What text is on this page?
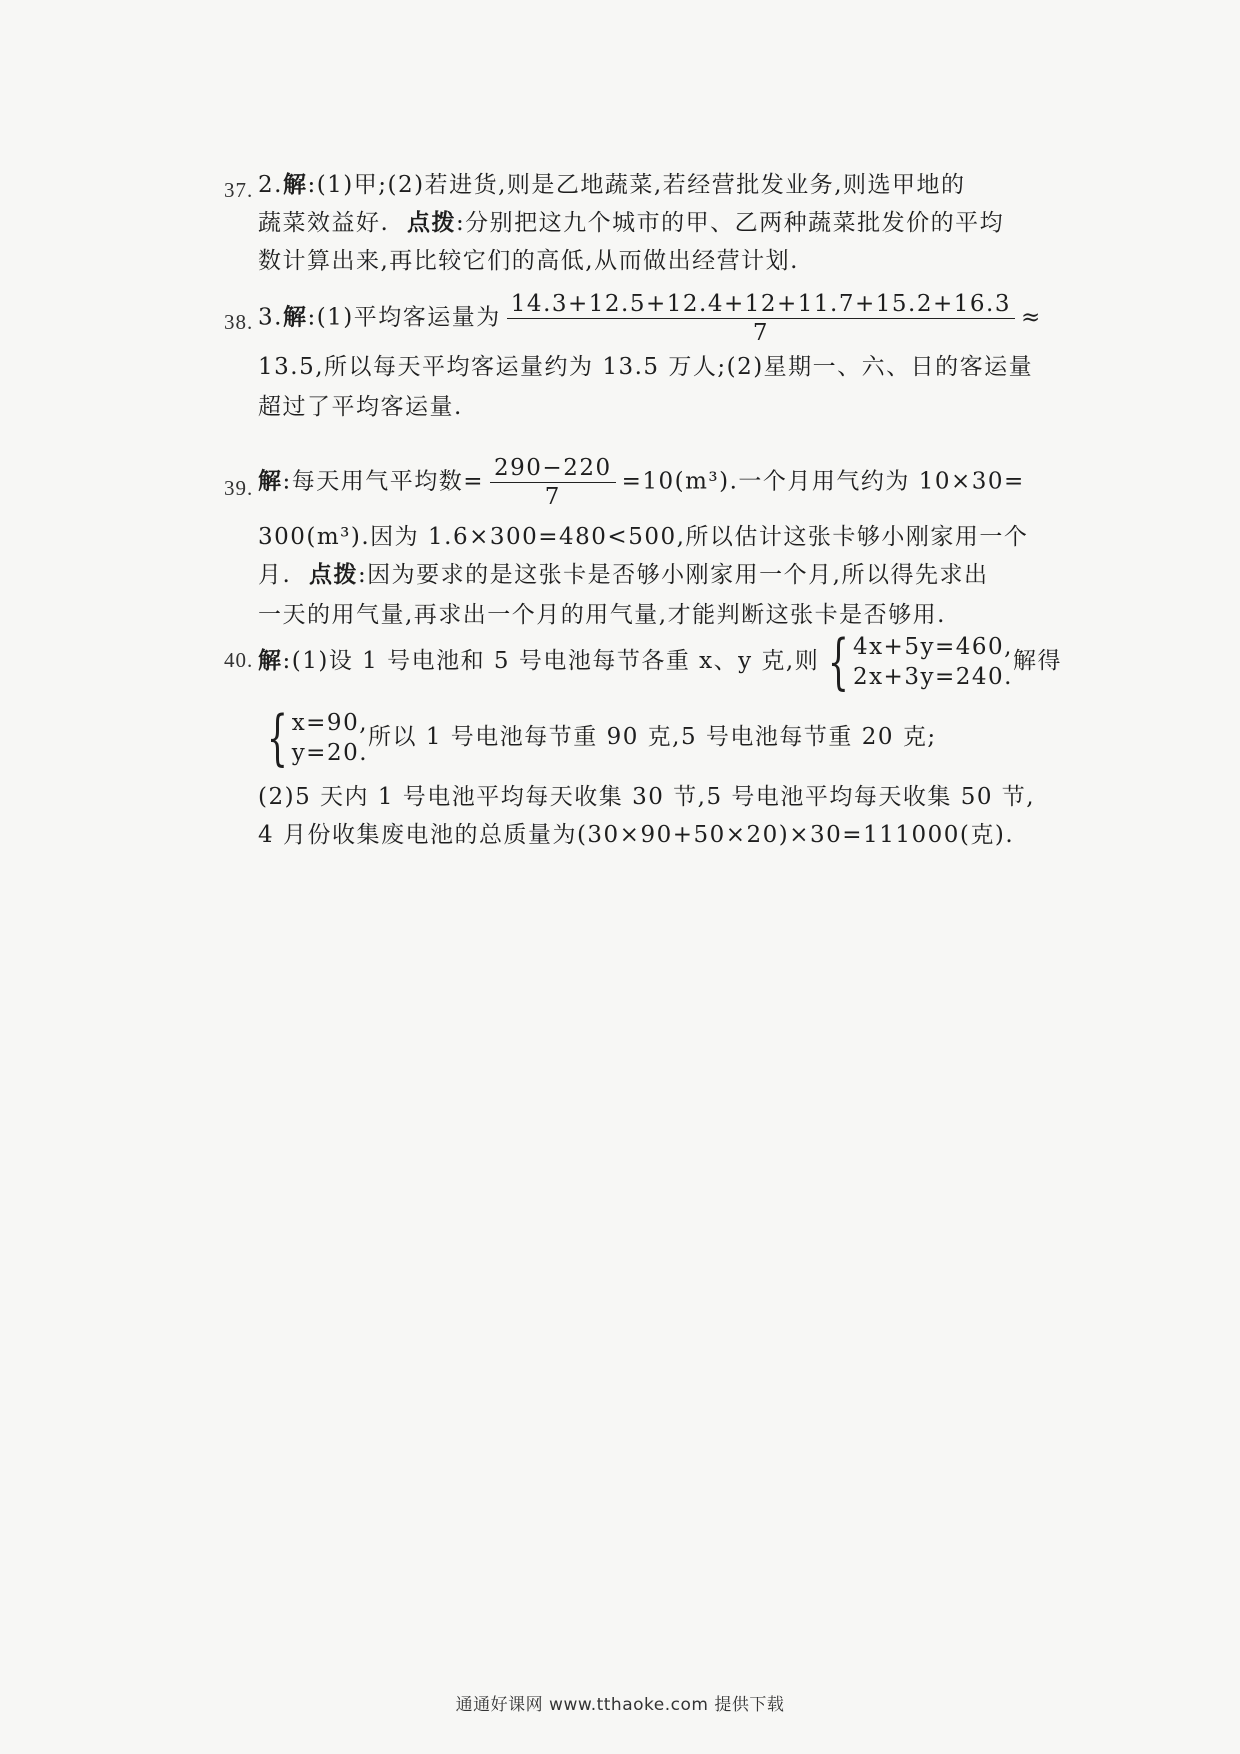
37. 2.解:(1)甲;(2)若进货,则是乙地蔬菜,若经营批发业务,则选甲地的
蔬菜效益好. 点拨:分别把这九个城市的甲、乙两种蔬菜批发价的平均
数计算出来,再比较它们的高低,从而做出经营计划.
38. 3.解:(1)平均客运量为 $\frac{14.3+12.5+12.4+12+11.7+15.2+16.3}{7}$ ≈
13.5,所以每天平均客运量约为 13.5 万人;(2)星期一、六、日的客运量
超过了平均客运量.
39. 解:每天用气平均数= $\frac{290-220}{7} =10(m^3)$.一个月用气约为 10×30=
300(m³).因为 1.6×300=480<500,所以估计这张卡够小刚家用一个
月. 点拨:因为要求的是这张卡是否够小刚家用一个月,所以得先求出
一天的用气量,再求出一个月的用气量,才能判断这张卡是否够用.
40. 解:(1)设 1 号电池和 5 号电池每节各重 x、y 克,则 { 4x+5y=460,
2x+3y=240.
解得
{ x=90,
y=20.
所以 1 号电池每节重 90 克,5 号电池每节重 20 克;
(2)5 天内 1 号电池平均每天收集 30 节,5 号电池平均每天收集 50 节,
4 月份收集废电池的总质量为(30×90+50×20)×30=111000(克).
通通好课网 www.tthaoke.com 提供下载
